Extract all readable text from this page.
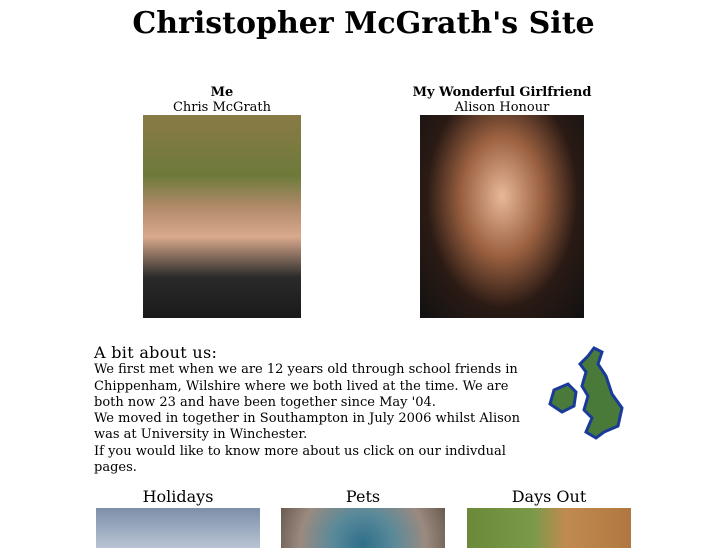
Christopher McGrath's Site
Me
Chris McGrath
My Wonderful Girlfriend
Alison Honour
A bit about us:
We first met when we are 12 years old through school friends in Chippenham, Wilshire where we both lived at the time. We are both now 23 and have been together since May '04.
We moved in together in Southampton in July 2006 whilst Alison was at University in Winchester.
If you would like to know more about us click on our indivdual pages.
Holidays	Pets	Days Out
